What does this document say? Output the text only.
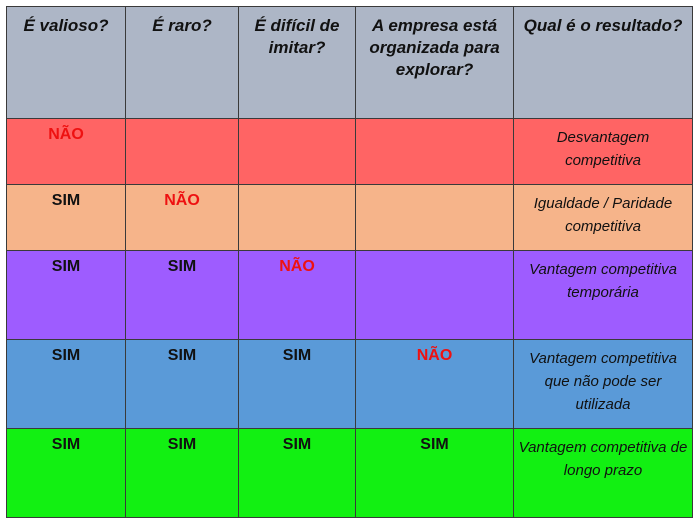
É valioso?	É raro?	É difícil de imitar?	A empresa está organizada para explorar?	Qual é o resultado?
NÃO				Desvantagem competitiva
SIM	NÃO			Igualdade / Paridade competitiva
SIM	SIM	NÃO		Vantagem competitiva temporária
SIM	SIM	SIM	NÃO	Vantagem competitiva que não pode ser utilizada
SIM	SIM	SIM	SIM	Vantagem competitiva de longo prazo
